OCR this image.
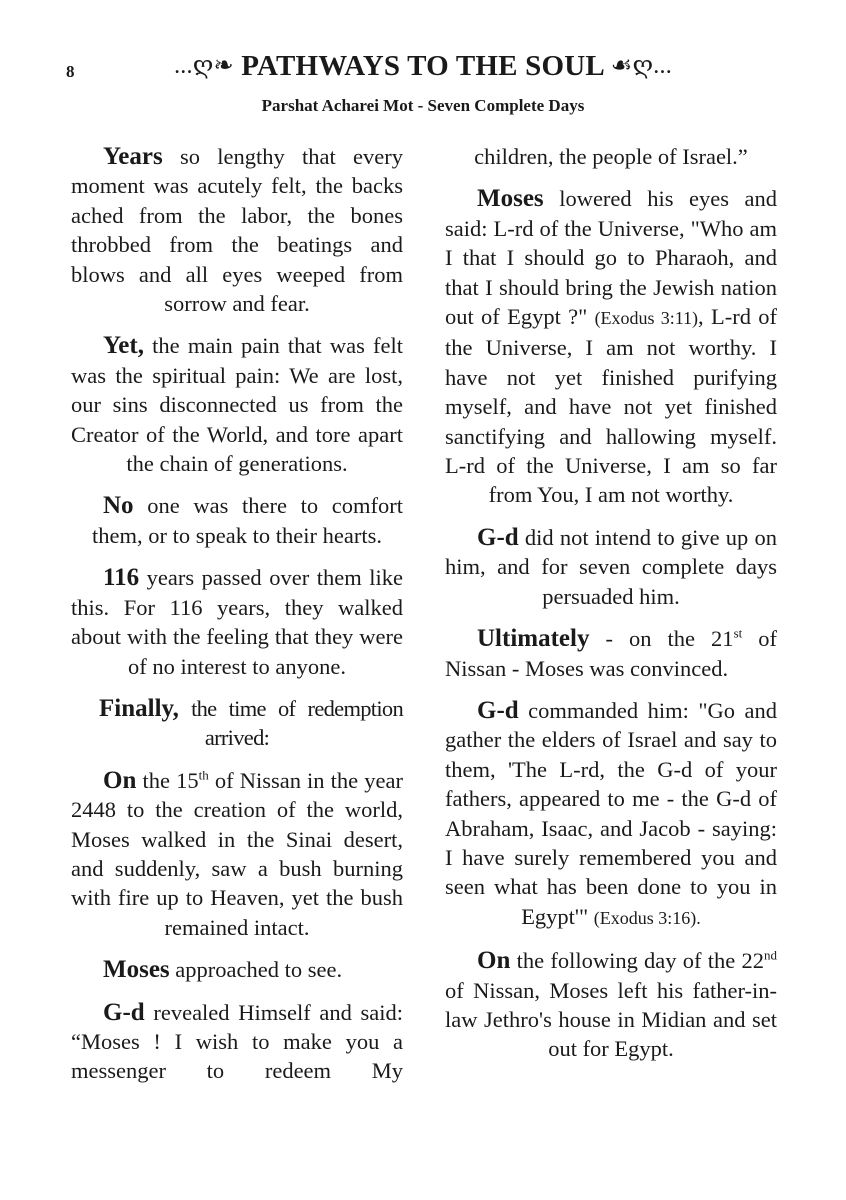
8	...ღ❧ PATHWAYS TO THE SOUL ☙ღ...
Parshat Acharei Mot - Seven Complete Days

Years so lengthy that every moment was acutely felt, the backs ached from the labor, the bones throbbed from the beatings and blows and all eyes weeped from sorrow and fear.

Yet, the main pain that was felt was the spiritual pain: We are lost, our sins disconnected us from the Creator of the World, and tore apart the chain of generations.

No one was there to comfort them, or to speak to their hearts.

116 years passed over them like this. For 116 years, they walked about with the feeling that they were of no interest to anyone.

Finally, the time of redemption arrived:

On the 15th of Nissan in the year 2448 to the creation of the world, Moses walked in the Sinai desert, and suddenly, saw a bush burning with fire up to Heaven, yet the bush remained intact.

Moses approached to see.

G-d revealed Himself and said: “Moses ! I wish to make you a messenger to redeem My

children, the people of Israel.”

Moses lowered his eyes and said: L-rd of the Universe, "Who am I that I should go to Pharaoh, and that I should bring the Jewish nation out of Egypt ?" (Exodus 3:11), L-rd of the Universe, I am not worthy. I have not yet finished purifying myself, and have not yet finished sanctifying and hallowing myself. L-rd of the Universe, I am so far from You, I am not worthy.

G-d did not intend to give up on him, and for seven complete days persuaded him.

Ultimately - on the 21st of Nissan - Moses was convinced.

G-d commanded him: "Go and gather the elders of Israel and say to them, 'The L-rd, the G-d of your fathers, appeared to me - the G-d of Abraham, Isaac, and Jacob - saying: I have surely remembered you and seen what has been done to you in Egypt'" (Exodus 3:16).

On the following day of the 22nd of Nissan, Moses left his father-in-law Jethro's house in Midian and set out for Egypt.
